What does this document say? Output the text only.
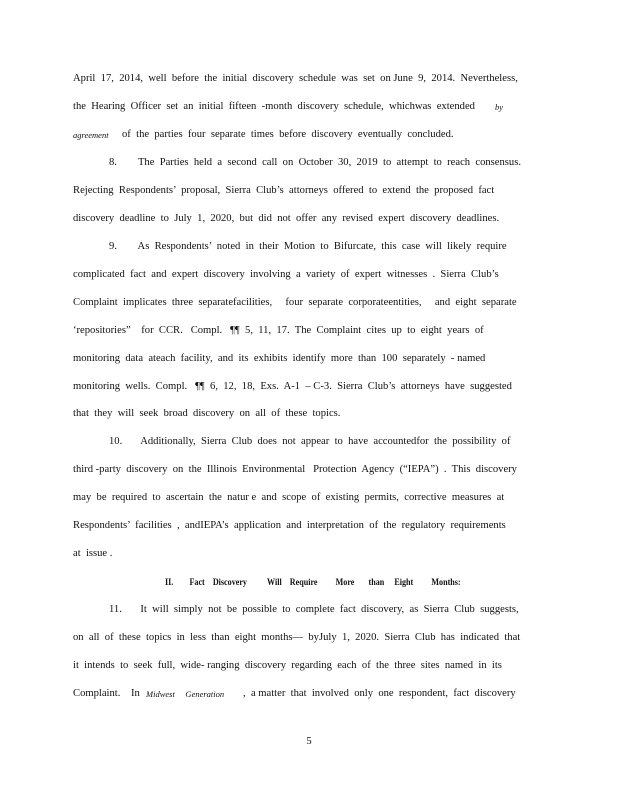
April  17,  2014,  well  before  the  initial  discovery  schedule  was  set  on June  9,  2014.  Nevertheless,
the  Hearing  Officer  set  an  initial  fifteen  -month  discovery  schedule,  whichwas  extended by
agreement of  the  parties  four  separate  times  before  discovery  eventually  concluded.
8.        The  Parties  held  a  second  call  on  October  30,  2019  to  attempt  to  reach  consensus.
Rejecting  Respondents’  proposal,  Sierra  Club’s  attorneys  offered  to  extend  the  proposed  fact
discovery  deadline  to  July  1,  2020,  but  did  not  offer  any  revised  expert  discovery  deadlines.
9.        As  Respondents’  noted  in  their  Motion  to  Bifurcate,  this  case  will  likely  require
complicated  fact  and  expert  discovery  involving  a  variety  of  expert  witnesses  .  Sierra  Club’s
Complaint  implicates  three  separatefacilities,     four  separate  corporateentities,     and  eight  separate
‘repositories”    for  CCR.   Compl.   ¶¶  5,  11,  17.  The  Complaint  cites  up  to  eight  years  of
monitoring  data  ateach  facility,  and  its  exhibits  identify  more  than  100  separately  - named
monitoring  wells.  Compl.   ¶¶  6,  12,  18,  Exs.  A-1  – C-3.  Sierra  Club’s  attorneys  have  suggested
that  they  will  seek  broad  discovery  on  all  of  these  topics.
10.       Additionally,  Sierra  Club  does  not  appear  to  have  accountedfor  the  possibility  of
third -party  discovery  on  the  Illinois  Environmental   Protection  Agency  (“IEPA”)  .  This  discovery
may  be  required  to  ascertain  the  natur e  and  scope  of  existing  permits,  corrective  measures  at
Respondents’  facilities  ,  andIEPA’s  application  and  interpretation  of  the  regulatory  requirements
at  issue .
II.        Fact    Discovery          Will    Require         More       than     Eight         Months:
11.       It  will  simply  not  be  possible  to  complete  fact  discovery,  as  Sierra  Club  suggests,
on  all  of  these  topics  in  less  than  eight  months—  byJuly  1,  2020.  Sierra  Club  has  indicated  that
it  intends  to  seek  full,  wide- ranging  discovery  regarding  each  of  the  three  sites  named  in  its
Complaint.    In Midwest     Generation ,  a matter  that  involved  only  one  respondent,  fact  discovery
5
